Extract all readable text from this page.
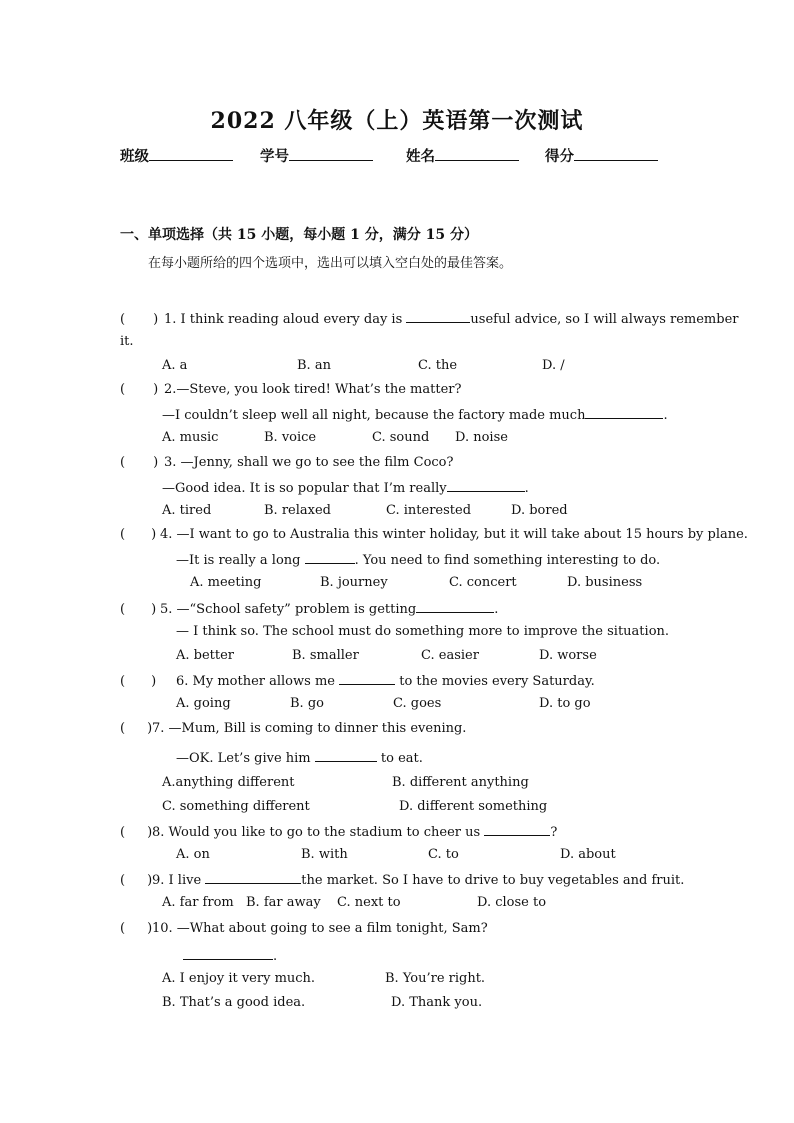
2022 八年级（上）英语第一次测试
班级	学号	姓名	得分
一、单项选择（共 15 小题，每小题 1 分，满分 15 分）
在每小题所给的四个选项中，选出可以填入空白处的最佳答案。
( ) 1. I think reading aloud every day is	useful advice, so I will always remember
it.
A. a	B. an	C. the	D. /
( ) 2.—Steve, you look tired! What’s the matter?
—I couldn’t sleep well all night, because the factory made much	.
A. music	B. voice	C. sound D. noise
( ) 3. —Jenny, shall we go to see the film Coco?
—Good idea. It is so popular that I’m really	.
A. tired	B. relaxed	C. interested	D. bored
( ) 4. —I want to go to Australia this winter holiday, but it will take about 15 hours by plane.
—It is really a long	. You need to find something interesting to do.
A. meeting	B. journey	C. concert	D. business
( ) 5. —“School safety” problem is getting	.
— I think so. The school must do something more to improve the situation.
A. better	B. smaller	C. easier	D. worse
( ) 6. My mother allows me	to the movies every Saturday.
A. going	B. go	C. goes	D. to go
( )7. —Mum, Bill is coming to dinner this evening.
—OK. Let’s give him	to eat.
A.anything different	B. different anything
C. something different	D. different something
( )8. Would you like to go to the stadium to cheer us	?
A. on	B. with	C. to	D. about
( )9. I live	the market. So I have to drive to buy vegetables and fruit.
A. far from B. far away C. next to	D. close to
( )10. —What about going to see a film tonight, Sam?
.
A. I enjoy it very much.	B. You’re right.
B. That’s a good idea.	D. Thank you.
